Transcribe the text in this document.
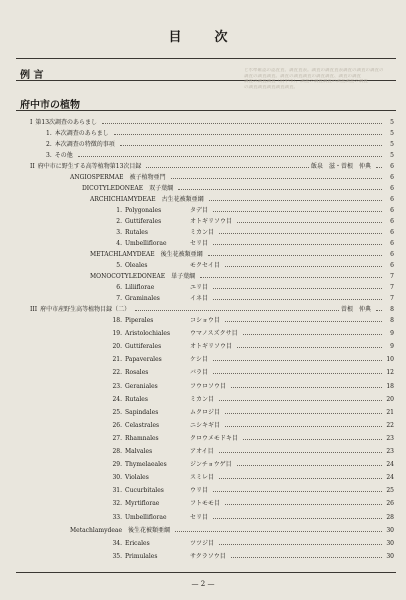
目　次
例 言	と水準確認の認査査、調査査表。調査の調査査表調査の調査の調査の
調査の調査調査。調査の調査調査の調査調査、調査の調査
調査の調査調査（府中市）、調査の調査調査の調査調査の調査
の調査調査調査調査調査。
府中市の植物
I 第13次調査のあらまし	5
1. 本次調査のあらまし	5
2. 本次調査の特徴的事項	5
3. その他	5
II 府中市に野生する高等植物第13次目録	飯泉　滋・曽根　仲典	6
ANGIOSPERMAE　被子植物亜門	6
DICOTYLEDONEAE　双子葉綱	6
ARCHICHIAMYDEAE　古生花被類亜綱	6
1. Polygonales	タデ目	6
2. Guttiferales	オトギリソウ目	6
3. Rutales	ミカン目	6
4. Umbelliflorae	セリ目	6
METACHLAMYDEAE　後生花被類亜綱	6
5. Oleales	モクセイ目	6
MONOCOTYLEDONEAE　単子葉綱	7
6. Liliiflorae	ユリ目	7
7. Graminales	イネ目	7
III 府中市産野生高等植物目録（二）	曽根　仲典	8
18. Piperales	コショウ目	8
19. Aristolochiales	ウマノスズクサ目	9
20. Guttiferales	オトギリソウ目	9
21. Papaverales	ケシ目	10
22. Rosales	バラ目	12
23. Geraniales	フウロソウ目	18
24. Rutales	ミカン目	20
25. Sapindales	ムクロジ目	21
26. Celastrales	ニシキギ目	22
27. Rhamnales	クロウメモドキ目	23
28. Malvales	アオイ目	23
29. Thymelaeales	ジンチョウゲ目	24
30. Violales	スミレ目	24
31. Cucurbitales	ウリ目	25
32. Myrtiflorae	フトモモ目	26
33. Umbelliflorae	セリ目	28
Metachlamydeae　後生花被類亜綱	30
34. Ericales	ツツジ目	30
35. Primulales	サクラソウ目	30
— 2 —
